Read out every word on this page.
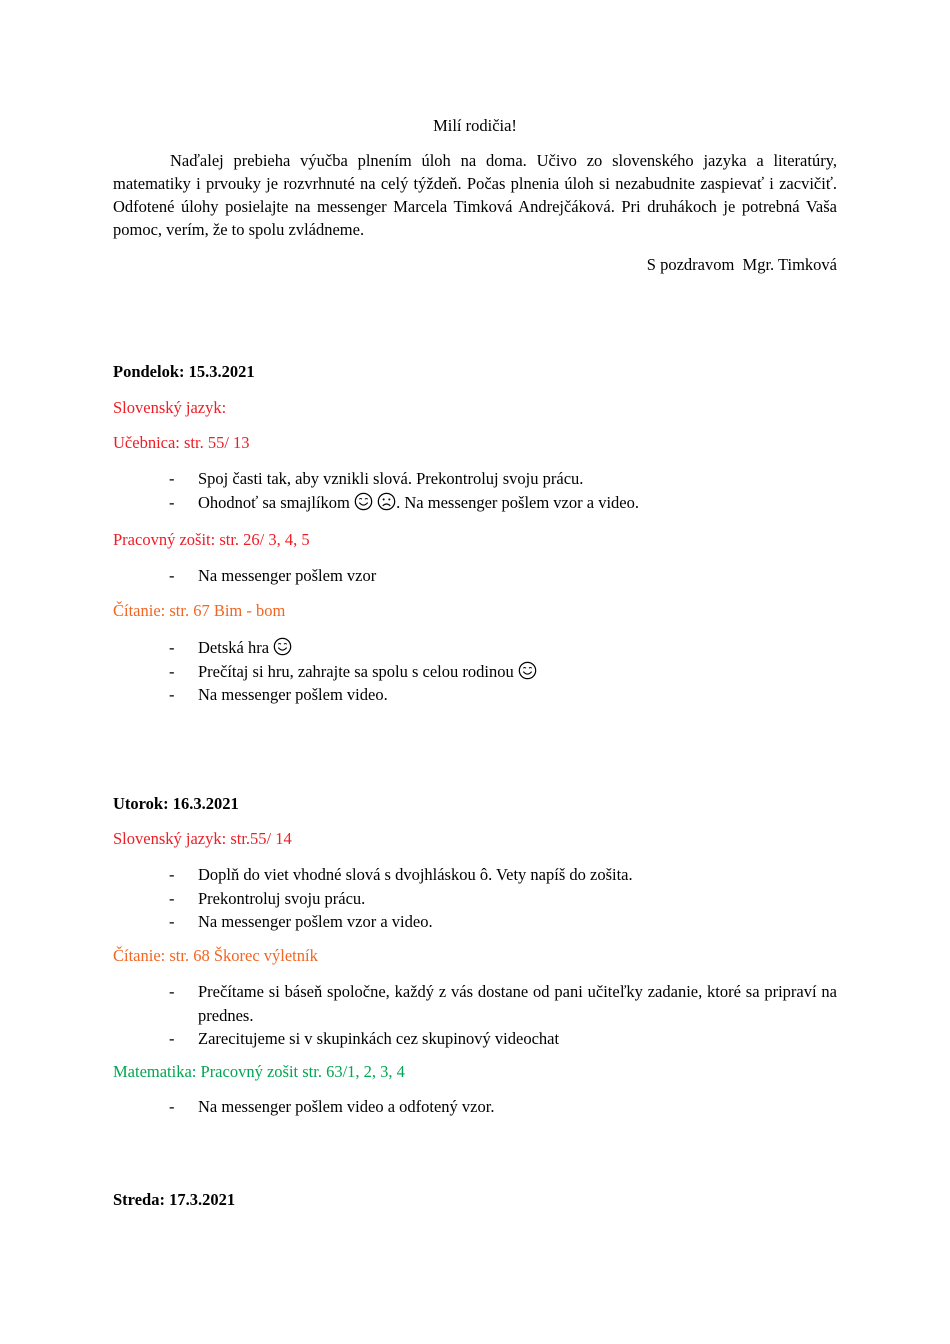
Milí rodičia!

Naďalej prebieha výučba plnením úloh na doma. Učivo zo slovenského jazyka a literatúry, matematiky i prvouky je rozvrhnuté na celý týždeň. Počas plnenia úloh si nezabudnite zaspievať i zacvičiť. Odfotené úlohy posielajte na messenger Marcela Timková Andrejčáková. Pri druhákoch je potrebná Vaša pomoc, verím, že to spolu zvládneme.

S pozdravom  Mgr. Timková
Pondelok: 15.3.2021
Slovenský jazyk:
Učebnica: str. 55/ 13
- Spoj časti tak, aby vznikli slová. Prekontroluj svoju prácu.
- Ohodnoť sa smajlíkom
	. Na messenger pošlem vzor a video.
Pracovný zošit: str. 26/ 3, 4, 5
- Na messenger pošlem vzor
Čítanie: str. 67 Bim - bom
- Detská hra
- Prečítaj si hru, zahrajte sa spolu s celou rodinou
- Na messenger pošlem video.
Utorok: 16.3.2021
Slovenský jazyk: str.55/ 14
- Doplň do viet vhodné slová s dvojhláskou ô. Vety napíš do zošita.
- Prekontroluj svoju prácu.
- Na messenger pošlem vzor a video.
Čítanie: str. 68 Škorec výletník
- Prečítame si báseň spoločne, každý z vás dostane od pani učiteľky zadanie, ktoré sa pripraví na prednes.
- Zarecitujeme si v skupinkách cez skupinový videochat
Matematika: Pracovný zošit str. 63/1, 2, 3, 4
- Na messenger pošlem video a odfotený vzor.
Streda: 17.3.2021
